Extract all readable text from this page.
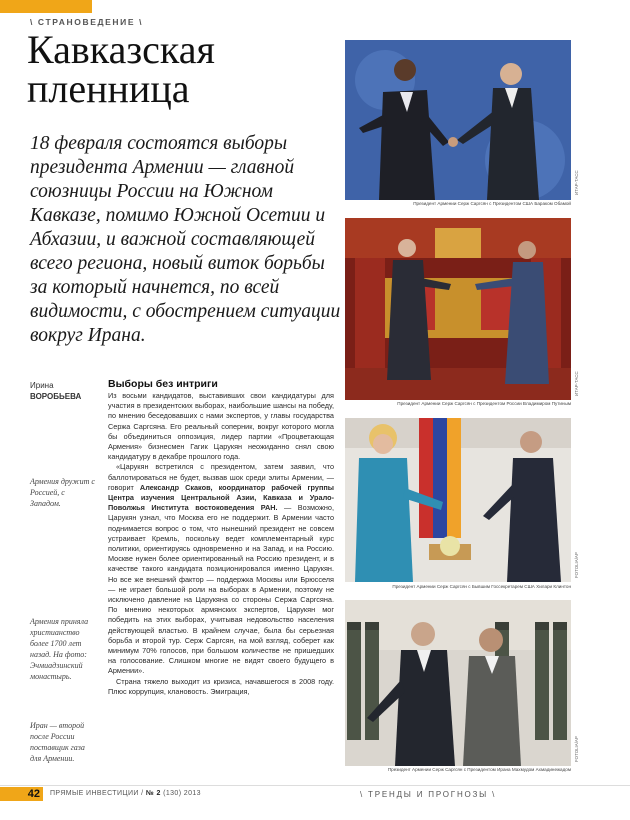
\ СТРАНОВЕДЕНИЕ \
Кавказская
пленница
18 февраля состоятся выборы президента Армении — главной союзницы России на Южном Кавказе, помимо Южной Осетии и Абхазии, и важной составляющей всего региона, новый виток борьбы за который начнется, по всей видимости, с обострением ситуации вокруг Ирана.
Ирина
ВОРОБЬЕВА
Армения дружит с Россией, с Западом.
Армения приняла христианство более 1700 лет назад. На фото: Эчмиадзинский монастырь.
Иран — второй после России поставщик газа для Армении.
Выборы без интриги

Из восьми кандидатов, выставивших свои кандидатуры для участия в президентских выборах, наибольшие шансы на победу, по мнению беседовавших с нами экспертов, у главы государства Сержа Саргсяна. Его реальный соперник, вокруг которого могла бы объединиться оппозиция, лидер партии «Процветающая Армения» бизнесмен Гагик Царукян неожиданно снял свою кандидатуру в декабре прошлого года.

«Царукян встретился с президентом, затем заявил, что баллотироваться не будет, вызвав шок среди элиты Армении, — говорит Александр Скаков, координатор рабочей группы Центра изучения Центральной Азии, Кавказа и Урало-Поволжья Института востоковедения РАН. — Возможно, Царукян узнал, что Москва его не поддержит. В Армении часто поднимается вопрос о том, что нынешний президент не совсем устраивает Кремль, поскольку ведет комплементарный курс политики, ориентируясь одновременно и на Запад, и на Россию. Москве нужен более ориентированный на Россию президент, и в качестве такого кандидата позиционировался именно Царукян. Но все же внешний фактор — поддержка Москвы или Брюсселя — не играет большой роли на выборах в Армении, поэтому не исключено давление на Царукяна со стороны Сержа Саргсяна. По мнению некоторых армянских экспертов, Царукян мог победить на этих выборах, учитывая недовольство населения действующей властью. В крайнем случае, была бы серьезная борьба и второй тур. Серж Саргсян, на мой взгляд, соберет как минимум 70% голосов, при большом количестве не пришедших на голосование. Слишком многие не видят своего будущего в Армении».

Страна тяжело выходит из кризиса, начавшегося в 2008 году. Плюс коррупция, клановость. Эмиграция,

ИТАР-ТАСС
Президент Армении Серж Саргсян с Президентом США Бараком Обамой
ИТАР-ТАСС
Президент Армении Серж Саргсян с Президентом России Владимиром Путиным
FOTOLIA/AP
Президент Армении Серж Саргсян с Бывшим Госсекретарем США Хилари Клинтон
FOTOLIA/AP
Президент Армении Серж Саргсян с Президентом Ирана Махмудом Ахмадинежадом
42	ПРЯМЫЕ ИНВЕСТИЦИИ / № 2 (130) 2013	\ ТРЕНДЫ И ПРОГНОЗЫ \
